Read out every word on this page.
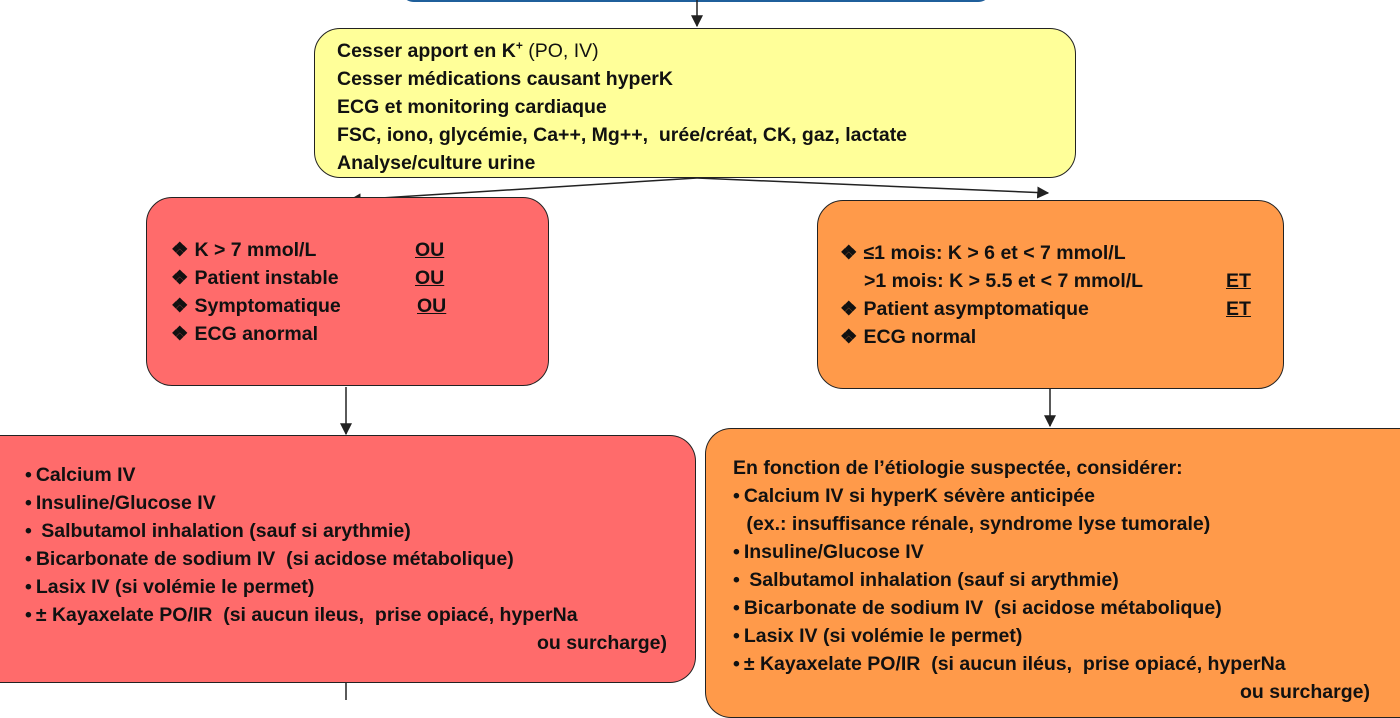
Cesser apport en K+ (PO, IV)
Cesser médications causant hyperK
ECG et monitoring cardiaque
FSC, iono, glycémie, Ca++, Mg++,  urée/créat, CK, gaz, lactate
Analyse/culture urine
❖ K > 7 mmol/L	OU
❖ Patient instable	OU
❖ Symptomatique	OU
❖ ECG anormal
❖ ≤1 mois: K > 6 et < 7 mmol/L
>1 mois: K > 5.5 et < 7 mmol/L	ET
❖ Patient asymptomatique	ET
❖ ECG normal
• Calcium IV
• Insuline/Glucose IV
• Salbutamol inhalation (sauf si arythmie)
• Bicarbonate de sodium IV  (si acidose métabolique)
• Lasix IV (si volémie le permet)
• ± Kayaxelate PO/IR  (si aucun ileus,  prise opiacé, hyperNa
ou surcharge)
En fonction de l’étiologie suspectée, considérer:
• Calcium IV si hyperK sévère anticipée
(ex.: insuffisance rénale, syndrome lyse tumorale)
• Insuline/Glucose IV
• Salbutamol inhalation (sauf si arythmie)
• Bicarbonate de sodium IV  (si acidose métabolique)
• Lasix IV (si volémie le permet)
• ± Kayaxelate PO/IR  (si aucun iléus,  prise opiacé, hyperNa
ou surcharge)
